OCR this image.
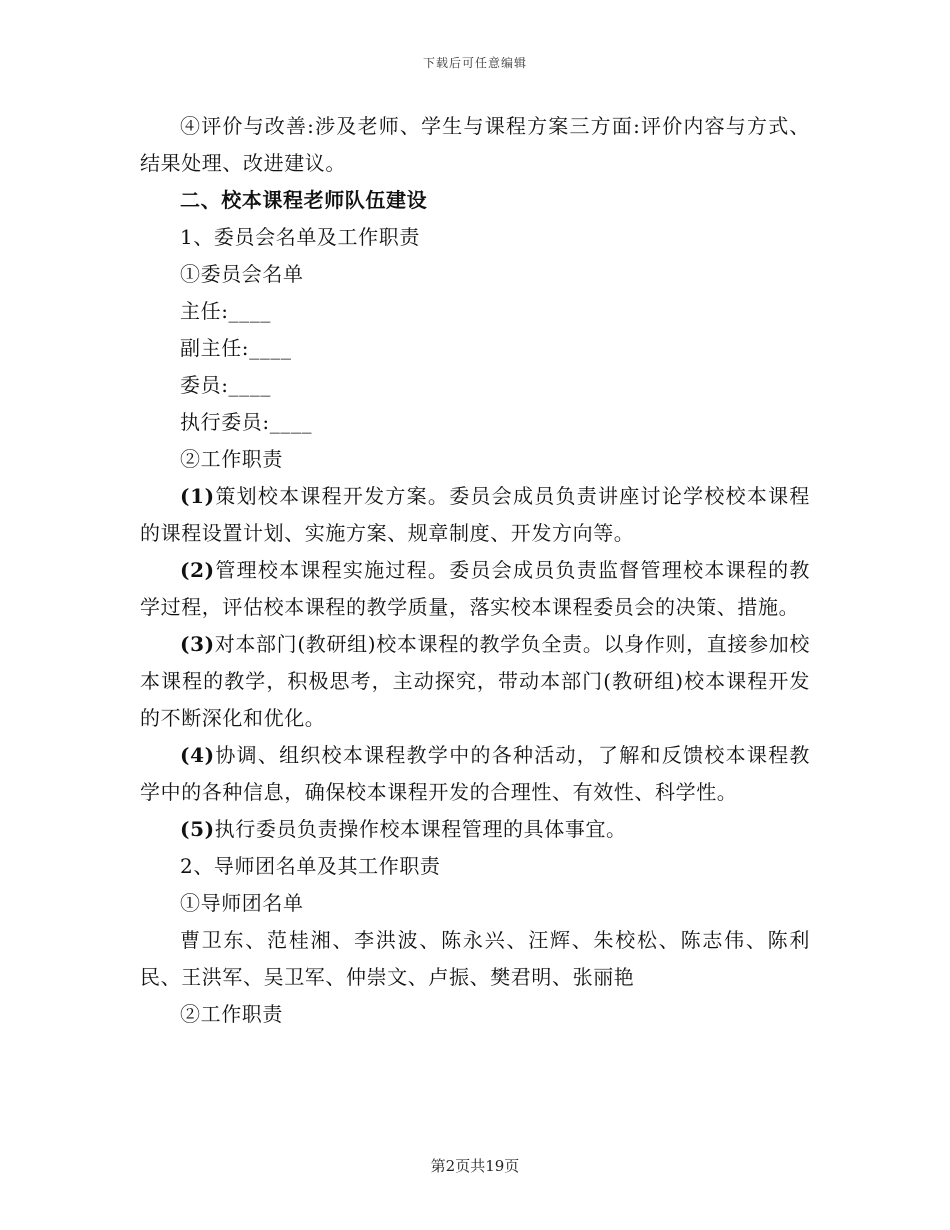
下载后可任意编辑

④评价与改善:涉及老师、学生与课程方案三方面:评价内容与方式、结果处理、改进建议。

二、校本课程老师队伍建设

1、委员会名单及工作职责

①委员会名单

主任:____

副主任:____

委员:____

执行委员:____

②工作职责

(1)策划校本课程开发方案。委员会成员负责讲座讨论学校校本课程的课程设置计划、实施方案、规章制度、开发方向等。

(2)管理校本课程实施过程。委员会成员负责监督管理校本课程的教学过程，评估校本课程的教学质量，落实校本课程委员会的决策、措施。

(3)对本部门(教研组)校本课程的教学负全责。以身作则，直接参加校本课程的教学，积极思考，主动探究，带动本部门(教研组)校本课程开发的不断深化和优化。

(4)协调、组织校本课程教学中的各种活动，了解和反馈校本课程教学中的各种信息，确保校本课程开发的合理性、有效性、科学性。

(5)执行委员负责操作校本课程管理的具体事宜。

2、导师团名单及其工作职责

①导师团名单

曹卫东、范桂湘、李洪波、陈永兴、汪辉、朱校松、陈志伟、陈利民、王洪军、吴卫军、仲崇文、卢振、樊君明、张丽艳

②工作职责

第2页共19页
